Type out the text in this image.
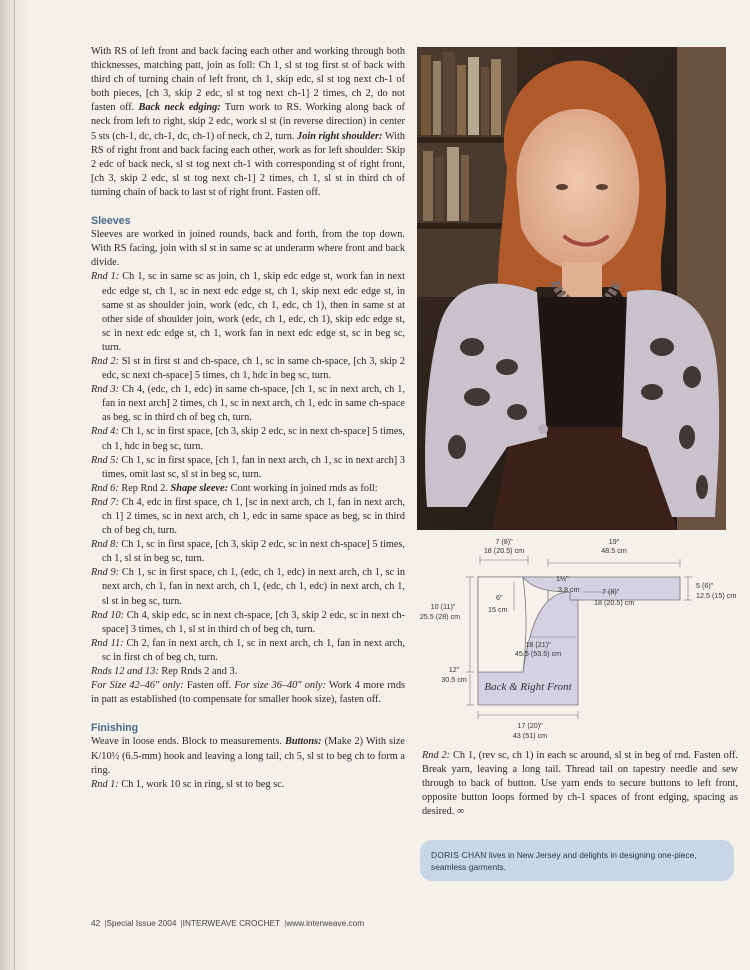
With RS of left front and back facing each other and working through both thicknesses, matching patt, join as foll: Ch 1, sl st tog first st of back with third ch of turning chain of left front, ch 1, skip edc, sl st tog next ch-1 of both pieces, [ch 3, skip 2 edc, sl st tog next ch-1] 2 times, ch 2, do not fasten off. Back neck edging: Turn work to RS. Working along back of neck from left to right, skip 2 edc, work sl st (in reverse direction) in center 5 sts (ch-1, dc, ch-1, dc, ch-1) of neck, ch 2, turn. Join right shoulder: With RS of right front and back facing each other, work as for left shoulder: Skip 2 edc of back neck, sl st tog next ch-1 with corresponding st of right front, [ch 3, skip 2 edc, sl st tog next ch-1] 2 times, ch 1, sl st in third ch of turning chain of back to last st of right front. Fasten off.

Sleeves

Sleeves are worked in joined rounds, back and forth, from the top down. With RS facing, join with sl st in same sc at underarm where front and back divide.

Rnd 1: Ch 1, sc in same sc as join, ch 1, skip edc edge st, work fan in next edc edge st, ch 1, sc in next edc edge st, ch 1, skip next edc edge st, in same st as shoulder join, work (edc, ch 1, edc, ch 1), then in same st at other side of shoulder join, work (edc, ch 1, edc, ch 1), skip edc edge st, sc in next edc edge st, ch 1, work fan in next edc edge st, sc in beg sc, turn.

Rnd 2: Sl st in first st and ch-space, ch 1, sc in same ch-space, [ch 3, skip 2 edc, sc next ch-space] 5 times, ch 1, hdc in beg sc, turn.

Rnd 3: Ch 4, (edc, ch 1, edc) in same ch-space, [ch 1, sc in next arch, ch 1, fan in next arch] 2 times, ch 1, sc in next arch, ch 1, edc in same ch-space as beg, sc in third ch of beg ch, turn.

Rnd 4: Ch 1, sc in first space, [ch 3, skip 2 edc, sc in next ch-space] 5 times, ch 1, hdc in beg sc, turn.

Rnd 5: Ch 1, sc in first space, [ch 1, fan in next arch, ch 1, sc in next arch] 3 times, omit last sc, sl st in beg sc, turn.

Rnd 6: Rep Rnd 2. Shape sleeve: Cont working in joined rnds as foll:

Rnd 7: Ch 4, edc in first space, ch 1, [sc in next arch, ch 1, fan in next arch, ch 1] 2 times, sc in next arch, ch 1, edc in same space as beg, sc in third ch of beg ch, turn.

Rnd 8: Ch 1, sc in first space, [ch 3, skip 2 edc, sc in next ch-space] 5 times, ch 1, sl st in beg sc, turn.

Rnd 9: Ch 1, sc in first space, ch 1, (edc, ch 1, edc) in next arch, ch 1, sc in next arch, ch 1, fan in next arch, ch 1, (edc, ch 1, edc) in next arch, ch 1, sl st in beg sc, turn.

Rnd 10: Ch 4, skip edc, sc in next ch-space, [ch 3, skip 2 edc, sc in next ch-space] 3 times, ch 1, sl st in third ch of beg ch, turn.

Rnd 11: Ch 2, fan in next arch, ch 1, sc in next arch, ch 1, fan in next arch, sc in first ch of beg ch, turn.

Rnds 12 and 13: Rep Rnds 2 and 3.

For Size 42–46" only: Fasten off. For size 36–40" only: Work 4 more rnds in patt as established (to compensate for smaller hook size), fasten off.

Finishing

Weave in loose ends. Block to measurements. Buttons: (Make 2) With size K/10½ (6.5-mm) hook and leaving a long tail, ch 5, sl st to beg ch to form a ring.

Rnd 1: Ch 1, work 10 sc in ring, sl st to beg sc.

7 (8)"
18 (20.5) cm
19"
48.5 cm
1½"
3.8 cm
6"
15 cm
10 (11)"
25.5 (28) cm
7 (8)"
18 (20.5) cm
5 (6)"
12.5 (15) cm
18 (21)"
45.5 (53.5) cm
12"
30.5 cm
17 (20)"
43 (51) cm
Back & Right Front

Rnd 2: Ch 1, (rev sc, ch 1) in each sc around, sl st in beg of rnd. Fasten off. Break yarn, leaving a long tail. Thread tail on tapestry needle and sew through to back of button. Use yarn ends to secure buttons to left front, opposite button loops formed by ch-1 spaces of front edging, spacing as desired. ∞

DORIS CHAN lives in New Jersey and delights in designing one-piece, seamless garments.

42 |Special Issue 2004 |INTERWEAVE CROCHET |www.interweave.com
